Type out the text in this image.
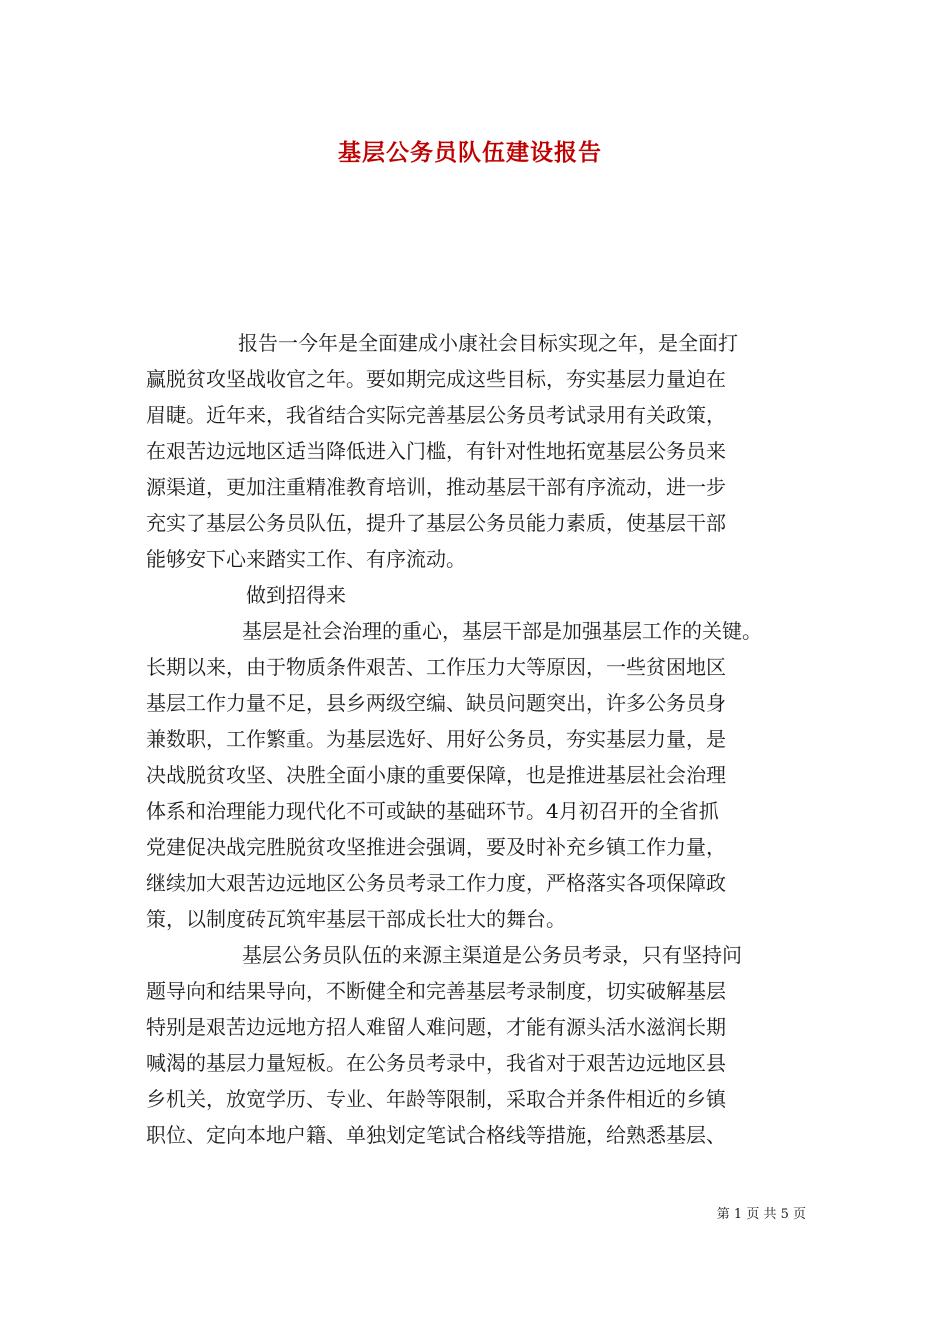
基层公务员队伍建设报告
报告一今年是全面建成小康社会目标实现之年，是全面打
赢脱贫攻坚战收官之年。要如期完成这些目标，夯实基层力量迫在
眉睫。近年来，我省结合实际完善基层公务员考试录用有关政策，
在艰苦边远地区适当降低进入门槛，有针对性地拓宽基层公务员来
源渠道，更加注重精准教育培训，推动基层干部有序流动，进一步
充实了基层公务员队伍，提升了基层公务员能力素质，使基层干部
能够安下心来踏实工作、有序流动。
做到招得来
基层是社会治理的重心，基层干部是加强基层工作的关键。
长期以来，由于物质条件艰苦、工作压力大等原因，一些贫困地区
基层工作力量不足，县乡两级空编、缺员问题突出，许多公务员身
兼数职，工作繁重。为基层选好、用好公务员，夯实基层力量，是
决战脱贫攻坚、决胜全面小康的重要保障，也是推进基层社会治理
体系和治理能力现代化不可或缺的基础环节。4月初召开的全省抓
党建促决战完胜脱贫攻坚推进会强调，要及时补充乡镇工作力量，
继续加大艰苦边远地区公务员考录工作力度，严格落实各项保障政
策，以制度砖瓦筑牢基层干部成长壮大的舞台。
基层公务员队伍的来源主渠道是公务员考录，只有坚持问
题导向和结果导向，不断健全和完善基层考录制度，切实破解基层
特别是艰苦边远地方招人难留人难问题，才能有源头活水滋润长期
喊渴的基层力量短板。在公务员考录中，我省对于艰苦边远地区县
乡机关，放宽学历、专业、年龄等限制，采取合并条件相近的乡镇
职位、定向本地户籍、单独划定笔试合格线等措施，给熟悉基层、
第 1 页 共 5 页
